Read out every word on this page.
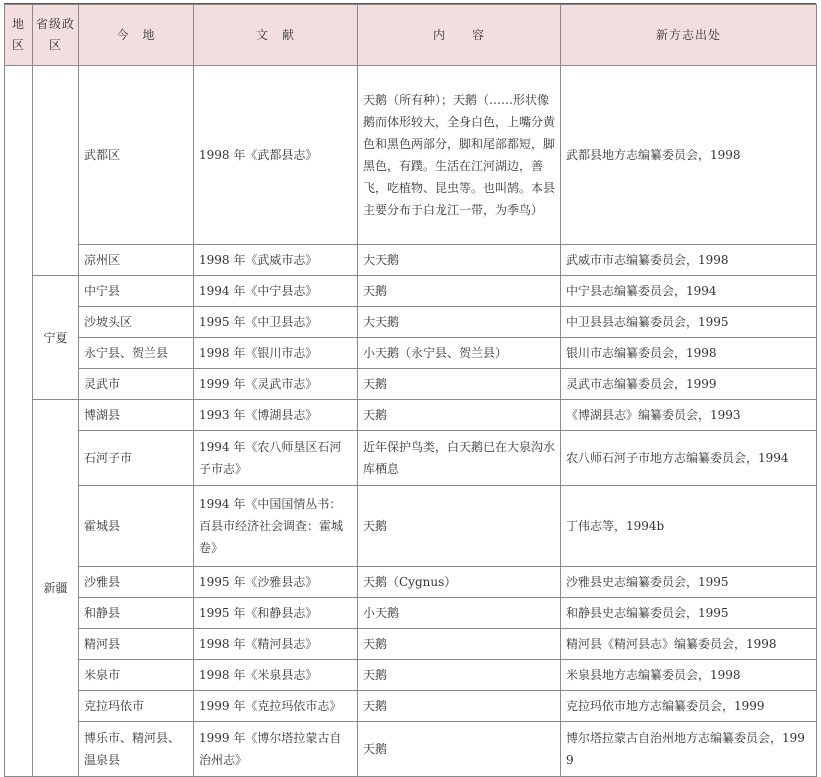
地区	省级政区	今　地	文　献	内　　容	新方志出处
		武都区	1998 年《武都县志》	天鹅（所有种）；天鹅（……形状像鹅而体形较大，全身白色，上嘴分黄色和黑色两部分，脚和尾部都短，脚黑色，有蹼。生活在江河湖边，善飞，吃植物、昆虫等。也叫鹄。本县主要分布于白龙江一带，为季鸟）	武都县地方志编纂委员会，1998
		凉州区	1998 年《武威市志》	大天鹅	武威市市志编纂委员会，1998
	宁夏	中宁县	1994 年《中宁县志》	天鹅	中宁县志编纂委员会，1994
		沙坡头区	1995 年《中卫县志》	大天鹅	中卫县县志编纂委员会，1995
		永宁县、贺兰县	1998 年《银川市志》	小天鹅（永宁县、贺兰县）	银川市志编纂委员会，1998
		灵武市	1999 年《灵武市志》	天鹅	灵武市志编纂委员会，1999
	新疆	博湖县	1993 年《博湖县志》	天鹅	《博湖县志》编纂委员会，1993
		石河子市	1994 年《农八师垦区石河子市志》	近年保护鸟类，白天鹅已在大泉沟水库栖息	农八师石河子市地方志编纂委员会，1994
		霍城县	1994 年《中国国情丛书：百县市经济社会调查：霍城卷》	天鹅	丁伟志等，1994b
		沙雅县	1995 年《沙雅县志》	天鹅（Cygnus）	沙雅县史志编纂委员会，1995
		和静县	1995 年《和静县志》	小天鹅	和静县史志编纂委员会，1995
		精河县	1998 年《精河县志》	天鹅	精河县《精河县志》编纂委员会，1998
		米泉市	1998 年《米泉县志》	天鹅	米泉县地方志编纂委员会，1998
		克拉玛依市	1999 年《克拉玛依市志》	天鹅	克拉玛依市地方志编纂委员会，1999
		博乐市、精河县、温泉县	1999 年《博尔塔拉蒙古自治州志》	天鹅	博尔塔拉蒙古自治州地方志编纂委员会，1999
